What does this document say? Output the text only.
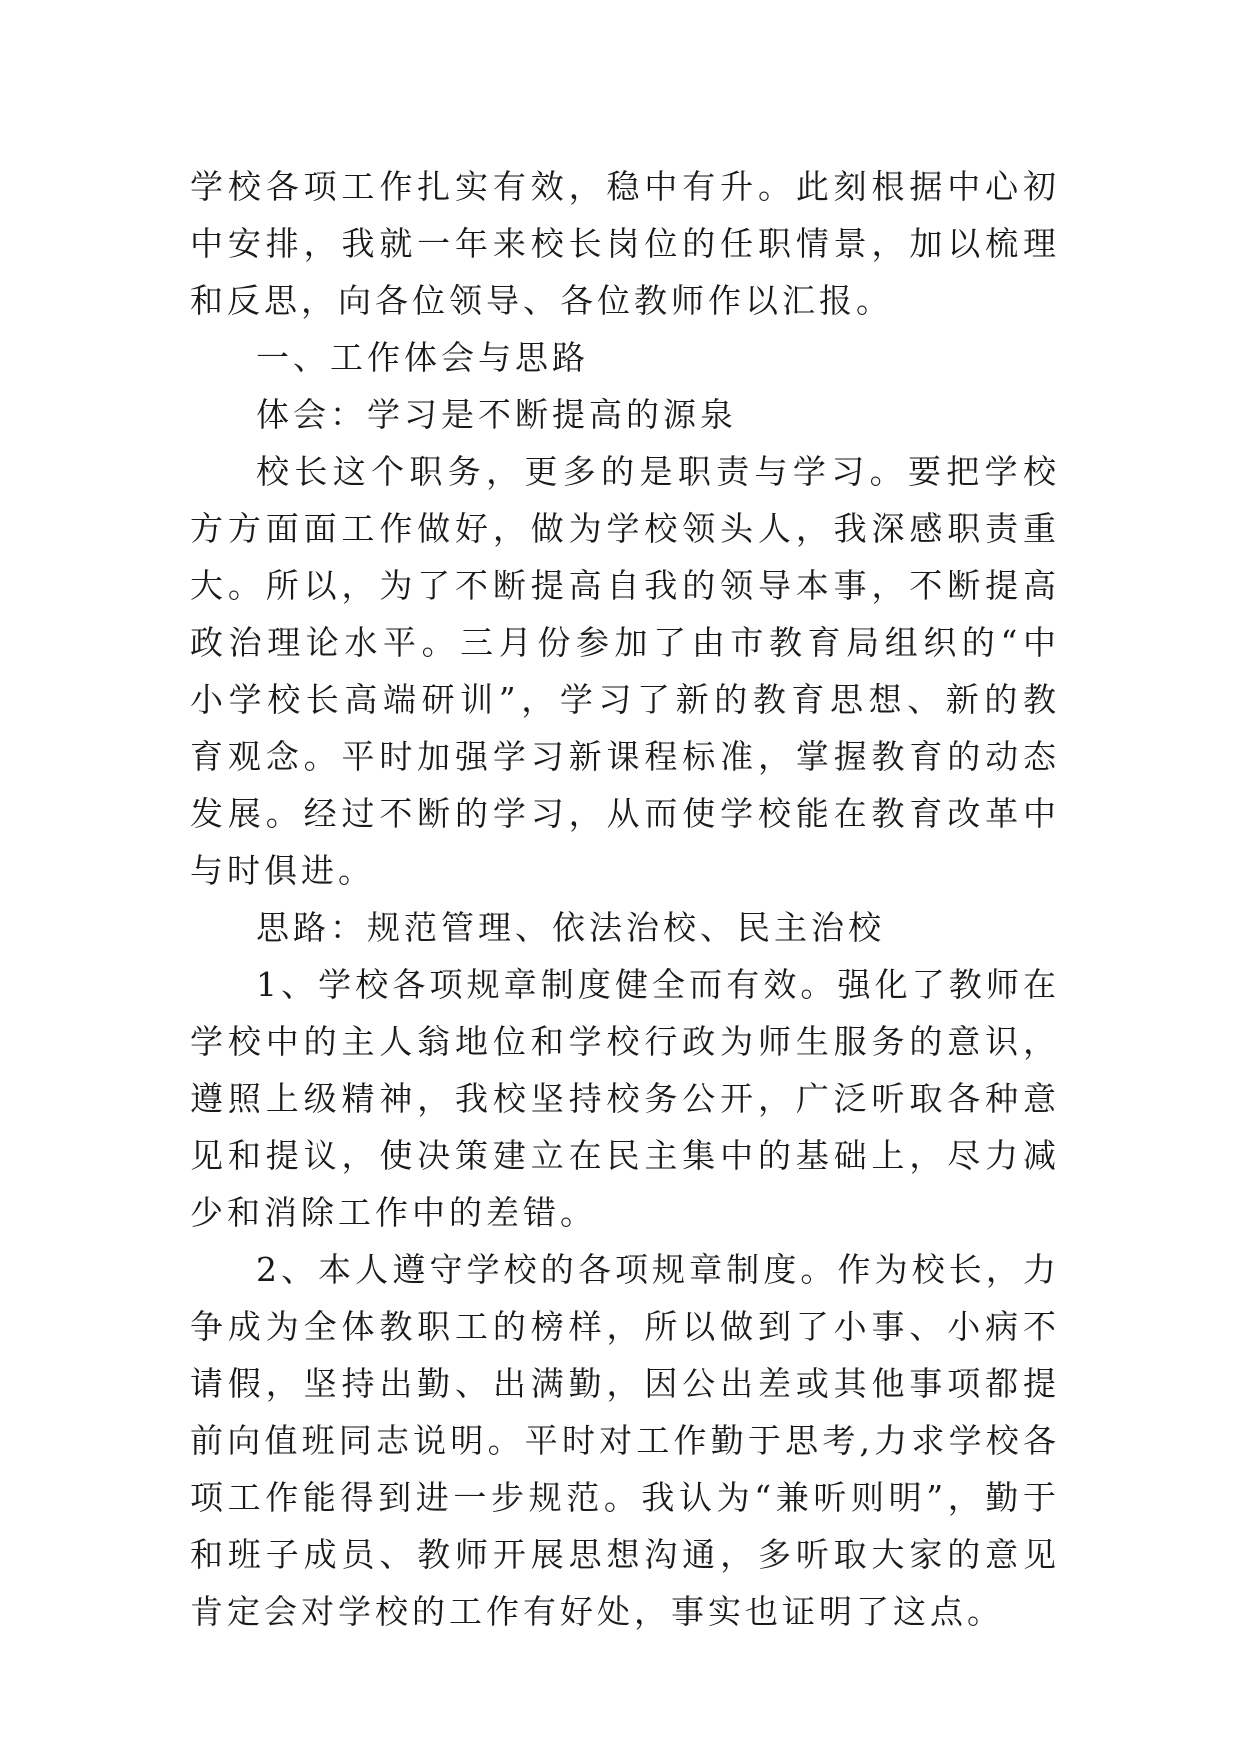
学校各项工作扎实有效，稳中有升。此刻根据中心初中安排，我就一年来校长岗位的任职情景，加以梳理和反思，向各位领导、各位教师作以汇报。

一、工作体会与思路

体会：学习是不断提高的源泉

校长这个职务，更多的是职责与学习。要把学校方方面面工作做好，做为学校领头人，我深感职责重大。所以，为了不断提高自我的领导本事，不断提高政治理论水平。三月份参加了由市教育局组织的“中小学校长高端研训”，学习了新的教育思想、新的教育观念。平时加强学习新课程标准，掌握教育的动态发展。经过不断的学习，从而使学校能在教育改革中与时俱进。

思路：规范管理、依法治校、民主治校

1、学校各项规章制度健全而有效。强化了教师在学校中的主人翁地位和学校行政为师生服务的意识，遵照上级精神，我校坚持校务公开，广泛听取各种意见和提议，使决策建立在民主集中的基础上，尽力减少和消除工作中的差错。

2、本人遵守学校的各项规章制度。作为校长，力争成为全体教职工的榜样，所以做到了小事、小病不请假，坚持出勤、出满勤，因公出差或其他事项都提前向值班同志说明。平时对工作勤于思考,力求学校各项工作能得到进一步规范。我认为“兼听则明”，勤于和班子成员、教师开展思想沟通，多听取大家的意见肯定会对学校的工作有好处，事实也证明了这点。
